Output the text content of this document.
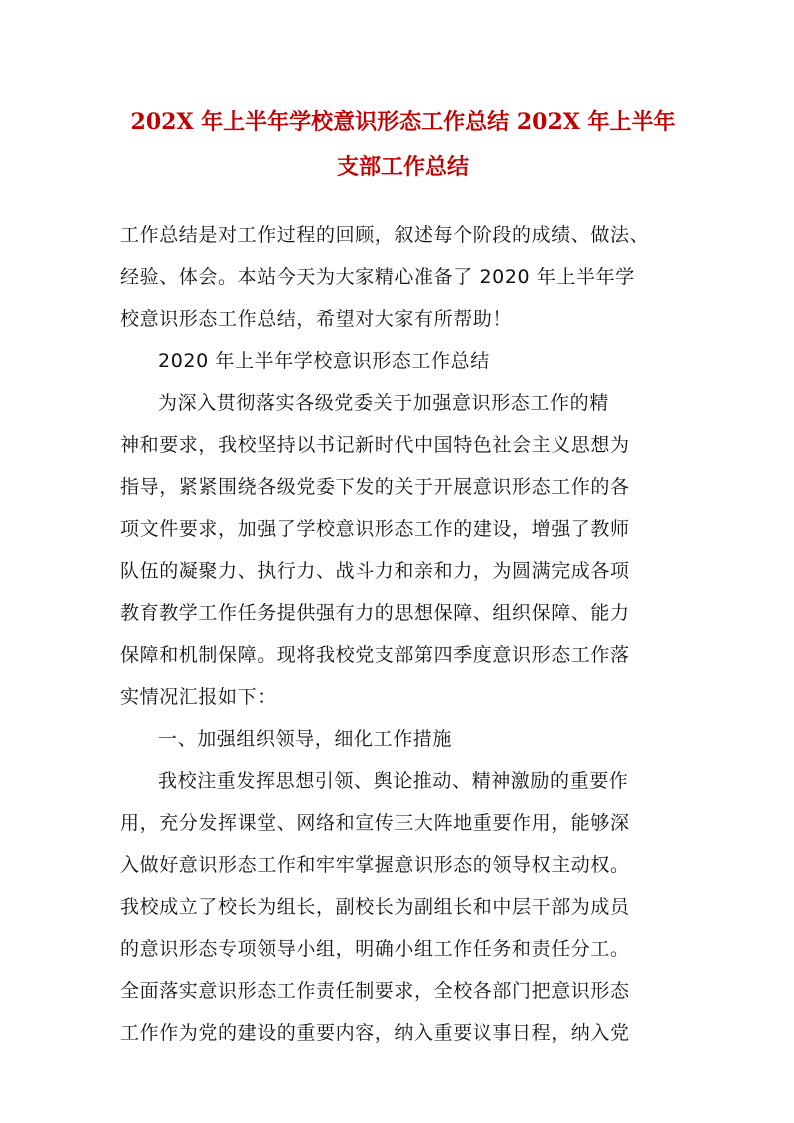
202X 年上半年学校意识形态工作总结 202X 年上半年
支部工作总结

工作总结是对工作过程的回顾，叙述每个阶段的成绩、做法、
经验、体会。本站今天为大家精心准备了 2020 年上半年学
校意识形态工作总结，希望对大家有所帮助！

2020 年上半年学校意识形态工作总结

为深入贯彻落实各级党委关于加强意识形态工作的精
神和要求，我校坚持以书记新时代中国特色社会主义思想为
指导，紧紧围绕各级党委下发的关于开展意识形态工作的各
项文件要求，加强了学校意识形态工作的建设，增强了教师
队伍的凝聚力、执行力、战斗力和亲和力，为圆满完成各项
教育教学工作任务提供强有力的思想保障、组织保障、能力
保障和机制保障。现将我校党支部第四季度意识形态工作落
实情况汇报如下：

一、加强组织领导，细化工作措施

我校注重发挥思想引领、舆论推动、精神激励的重要作
用，充分发挥课堂、网络和宣传三大阵地重要作用，能够深
入做好意识形态工作和牢牢掌握意识形态的领导权主动权。
我校成立了校长为组长，副校长为副组长和中层干部为成员
的意识形态专项领导小组，明确小组工作任务和责任分工。
全面落实意识形态工作责任制要求，全校各部门把意识形态
工作作为党的建设的重要内容，纳入重要议事日程，纳入党
